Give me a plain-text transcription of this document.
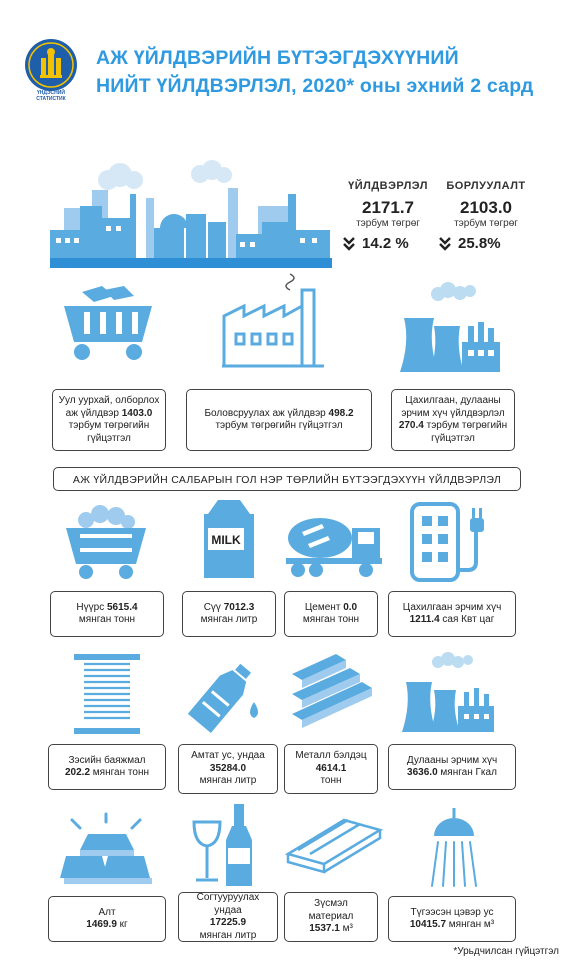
ҮНДЭСНИЙ
СТАТИСТИК
АЖ ҮЙЛДВЭРИЙН БҮТЭЭГДЭХҮҮНИЙ
НИЙТ ҮЙЛДВЭРЛЭЛ, 2020* оны эхний 2 сард
ҮЙЛДВЭРЛЭЛ
2171.7
тэрбум төгрөг
14.2 %
БОРЛУУЛАЛТ
2103.0
тэрбум төгрөг
25.8%
Уул уурхай, олборлох
аж үйлдвэр 1403.0
тэрбум төгрөгийн
гүйцэтгэл
Боловсруулах аж үйлдвэр 498.2
тэрбум төгрөгийн гүйцэтгэл
Цахилгаан, дулааны
эрчим хүч үйлдвэрлэл
270.4 тэрбум төгрөгийн
гүйцэтгэл
АЖ ҮЙЛДВЭРИЙН САЛБАРЫН ГОЛ НЭР ТӨРЛИЙН БҮТЭЭГДЭХҮҮН ҮЙЛДВЭРЛЭЛ
MILK
Нүүрс 5615.4
мянган тонн
Сүү 7012.3
мянган литр
Цемент 0.0
мянган тонн
Цахилгаан эрчим хүч
1211.4 сая Квт цаг
Зэсийн баяжмал
202.2 мянган тонн
Амтат ус, ундаа
35284.0
мянган литр
Металл бэлдэц
4614.1
тонн
Дулааны эрчим хүч
3636.0 мянган Гкал
Алт
1469.9 кг
Согтууруулах ундаа
17225.9
мянган литр
Зүсмэл
материал
1537.1 м³
Түгээсэн цэвэр ус
10415.7 мянган м³
*Урьдчилсан гүйцэтгэл
